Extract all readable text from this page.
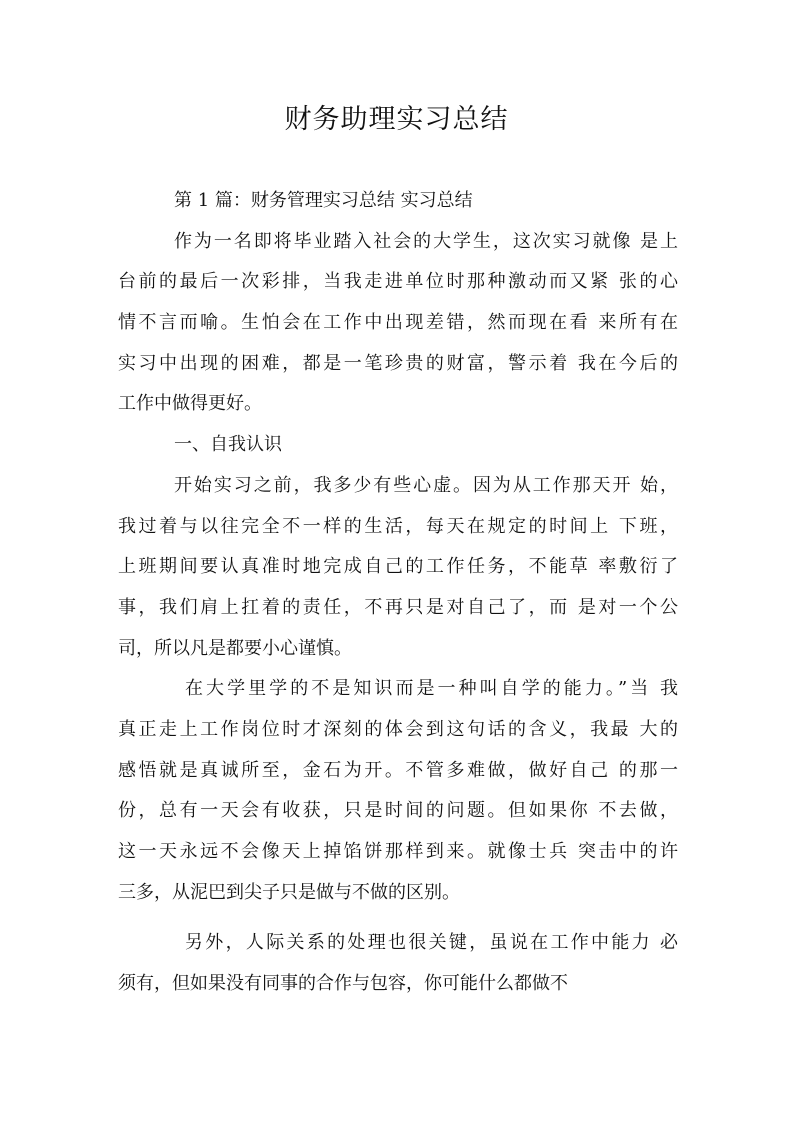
财务助理实习总结
第 1 篇：财务管理实习总结 实习总结
作为一名即将毕业踏入社会的大学生，这次实习就像 是上
台前的最后一次彩排，当我走进单位时那种激动而又紧 张的心
情不言而喻。生怕会在工作中出现差错，然而现在看 来所有在
实习中出现的困难，都是一笔珍贵的财富，警示着 我在今后的
工作中做得更好。
一、自我认识
开始实习之前，我多少有些心虚。因为从工作那天开 始，
我过着与以往完全不一样的生活，每天在规定的时间上 下班，
上班期间要认真准时地完成自己的工作任务，不能草 率敷衍了
事，我们肩上扛着的责任，不再只是对自己了，而 是对一个公
司，所以凡是都要小心谨慎。
在大学里学的不是知识而是一种叫自学的能力。”当 我
真正走上工作岗位时才深刻的体会到这句话的含义，我最 大的
感悟就是真诚所至，金石为开。不管多难做，做好自己 的那一
份，总有一天会有收获，只是时间的问题。但如果你 不去做，
这一天永远不会像天上掉馅饼那样到来。就像士兵 突击中的许
三多，从泥巴到尖子只是做与不做的区别。
另外，人际关系的处理也很关键，虽说在工作中能力 必
须有，但如果没有同事的合作与包容，你可能什么都做不
